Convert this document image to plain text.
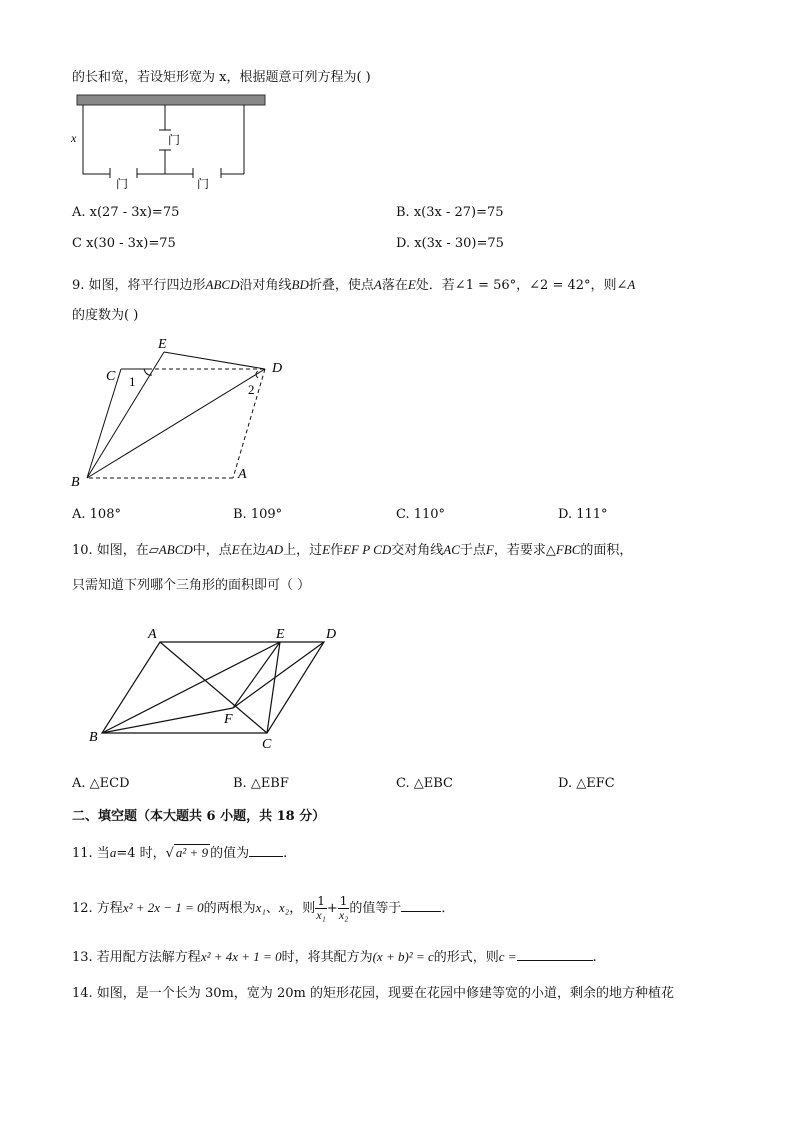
的长和宽，若设矩形宽为 x，根据题意可列方程为( )
x	门
门	门
A. x(27 - 3x)=75	B. x(3x - 27)=75
C x(30 - 3x)=75	D. x(3x - 30)=75
9. 如图，将平行四边形ABCD沿对角线BD折叠，使点A落在E处．若∠1 = 56°，∠2 = 42°，则∠A
的度数为( )
E
C
D
B
A
1
2
A. 108°	B. 109°	C. 110°	D. 111°
10. 如图，在▱ABCD中，点E在边AD上，过E作EF P CD交对角线AC于点F，若要求△FBC的面积，
只需知道下列哪个三角形的面积即可（ ）
A	E	D
B
F
C
A. △ECD	B. △EBF	C. △EBC	D. △EFC
二、填空题（本大题共 6 小题，共 18 分）
11. 当a=4 时，√ a² + 9 的值为	.
12. 方程x² + 2x − 1 = 0的两根为x₁、x₂，则 $\frac{1}{\text{x₁}} + \frac{1}{\text{x₂}}$ 的值等于	．
13. 若用配方法解方程x² + 4x + 1 = 0时，将其配方为(x + b)² = c的形式，则c =	.
14. 如图，是一个长为 30m，宽为 20m 的矩形花园，现要在花园中修建等宽的小道，剩余的地方种植花
